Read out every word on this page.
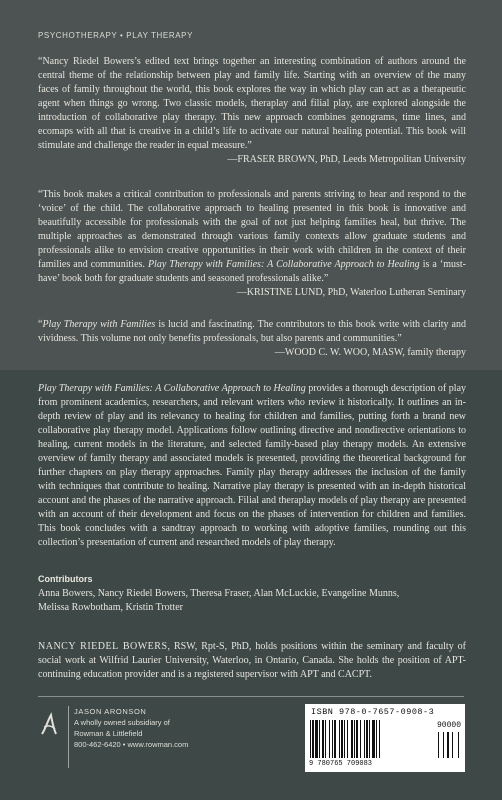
PSYCHOTHERAPY • PLAY THERAPY
“Nancy Riedel Bowers’s edited text brings together an interesting combination of authors around the central theme of the relationship between play and family life. Starting with an overview of the many faces of family throughout the world, this book explores the way in which play can act as a therapeutic agent when things go wrong. Two classic models, theraplay and filial play, are explored alongside the introduction of collaborative play therapy. This new approach combines genograms, time lines, and ecomaps with all that is creative in a child’s life to activate our natural healing potential. This book will stimulate and challenge the reader in equal measure.”
—FRASER BROWN, PhD, Leeds Metropolitan University
“This book makes a critical contribution to professionals and parents striving to hear and respond to the ‘voice’ of the child. The collaborative approach to healing presented in this book is innovative and beautifully accessible for professionals with the goal of not just helping families heal, but thrive. The multiple approaches as demonstrated through various family contexts allow graduate students and professionals alike to envision creative opportunities in their work with children in the context of their families and communities. Play Therapy with Families: A Collaborative Approach to Healing is a ‘must-have’ book both for graduate students and seasoned professionals alike.”
—KRISTINE LUND, PhD, Waterloo Lutheran Seminary
“Play Therapy with Families is lucid and fascinating. The contributors to this book write with clarity and vividness. This volume not only benefits professionals, but also parents and communities.”
—WOOD C. W. WOO, MASW, family therapy
Play Therapy with Families: A Collaborative Approach to Healing provides a thorough description of play from prominent academics, researchers, and relevant writers who review it historically. It outlines an in-depth review of play and its relevancy to healing for children and families, putting forth a brand new collaborative play therapy model. Applications follow outlining directive and nondirective orientations to healing, current models in the literature, and selected family-based play therapy models. An extensive overview of family therapy and associated models is presented, providing the theoretical background for further chapters on play therapy approaches. Family play therapy addresses the inclusion of the family with techniques that contribute to healing. Narrative play therapy is presented with an in-depth historical account and the phases of the narrative approach. Filial and theraplay models of play therapy are presented with an account of their development and focus on the phases of intervention for children and families. This book concludes with a sandtray approach to working with adoptive families, rounding out this collection’s presentation of current and researched models of play therapy.
Contributors
Anna Bowers, Nancy Riedel Bowers, Theresa Fraser, Alan McLuckie, Evangeline Munns,
Melissa Rowbotham, Kristin Trotter
NANCY RIEDEL BOWERS, RSW, Rpt-S, PhD, holds positions within the seminary and faculty of social work at Wilfrid Laurier University, Waterloo, in Ontario, Canada. She holds the position of APT-continuing education provider and is a registered supervisor with APT and CACPT.
JASON ARONSON
A wholly owned subsidiary of
Rowman & Littlefield
800-462-6420 • www.rowman.com
ISBN 978-0-7657-0908-3
90000
9 780765 709083
